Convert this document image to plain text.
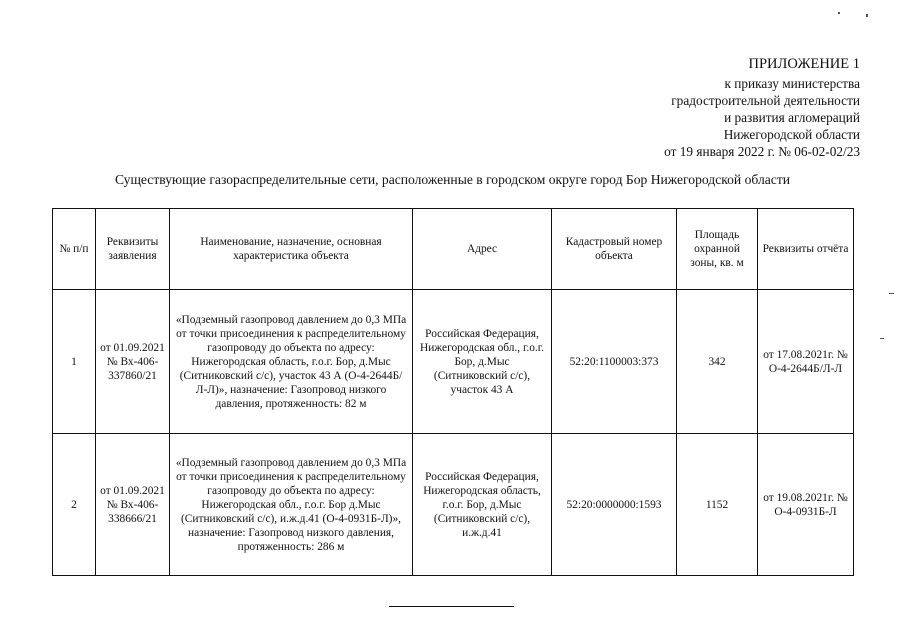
ПРИЛОЖЕНИЕ 1
к приказу министерства
градостроительной деятельности
и развития агломераций
Нижегородской области
от 19 января 2022 г. № 06-02-02/23
Существующие газораспределительные сети, расположенные в городском округе город Бор Нижегородской области
№ п/п	Реквизиты заявления	Наименование, назначение, основная характеристика объекта	Адрес	Кадастровый номер объекта	Площадь охранной зоны, кв. м	Реквизиты отчёта
1	от 01.09.2021 № Вх-406-337860/21	«Подземный газопровод давлением до 0,3 МПа от точки присоединения к распределительному газопроводу до объекта по адресу: Нижегородская область, г.о.г. Бор, д.Мыс (Ситниковский с/с), участок 43 А (О-4-2644Б/Л-Л)», назначение: Газопровод низкого давления, протяженность: 82 м	Российская Федерация, Нижегородская обл., г.о.г. Бор, д.Мыс (Ситниковский с/с), участок 43 А	52:20:1100003:373	342	от 17.08.2021г. № О-4-2644Б/Л-Л
2	от 01.09.2021 № Вх-406-338666/21	«Подземный газопровод давлением до 0,3 МПа от точки присоединения к распределительному газопроводу до объекта по адресу: Нижегородская обл., г.о.г. Бор д.Мыс (Ситниковский с/с), и.ж.д.41 (О-4-0931Б-Л)», назначение: Газопровод низкого давления, протяженность: 286 м	Российская Федерация, Нижегородская область, г.о.г. Бор, д.Мыс (Ситниковский с/с), и.ж.д.41	52:20:0000000:1593	1152	от 19.08.2021г. № О-4-0931Б-Л
